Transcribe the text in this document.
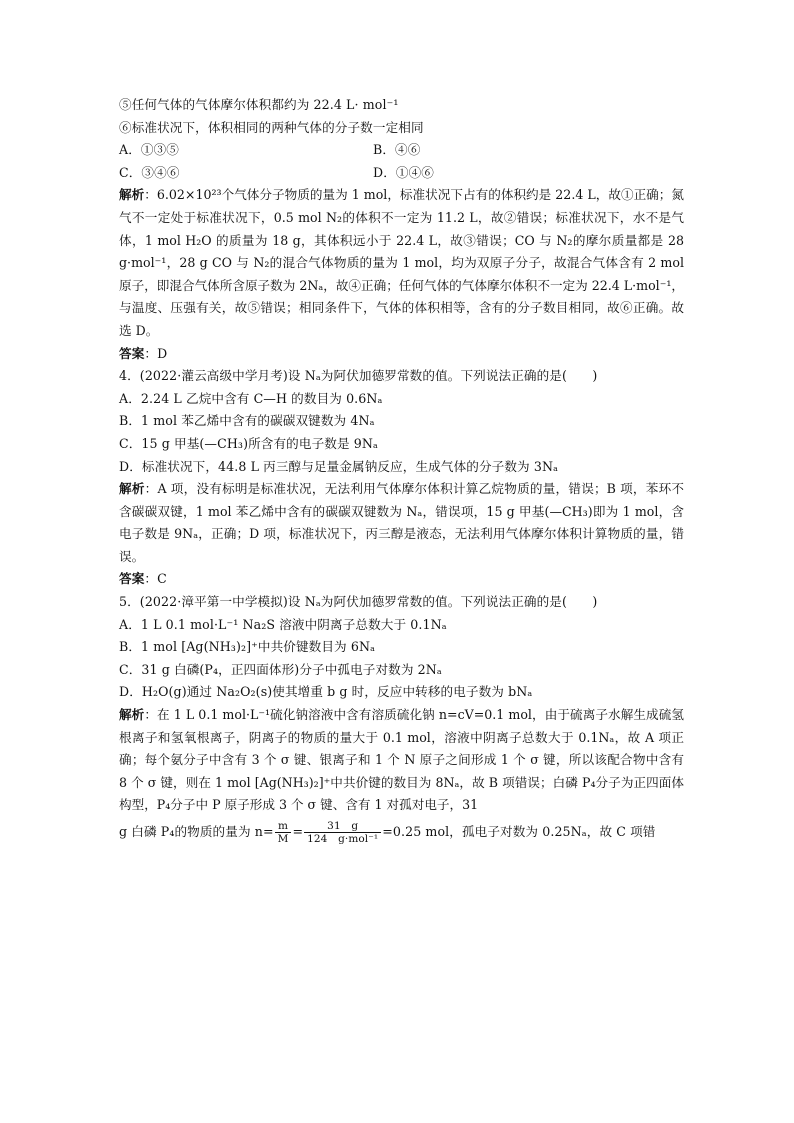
⑤任何气体的气体摩尔体积都约为 22.4 L· mol⁻¹
⑥标准状况下，体积相同的两种气体的分子数一定相同
A．①③⑤	B．④⑥
C．③④⑥	D．①④⑥
解析：6.02×10²³个气体分子物质的量为 1 mol，标准状况下占有的体积约是 22.4 L，故①正确；氮气不一定处于标准状况下，0.5 mol N₂的体积不一定为 11.2 L，故②错误；标准状况下，水不是气体，1 mol H₂O 的质量为 18 g，其体积远小于 22.4 L，故③错误；CO 与 N₂的摩尔质量都是 28 g·mol⁻¹，28 g CO 与 N₂的混合气体物质的量为 1 mol，均为双原子分子，故混合气体含有 2 mol 原子，即混合气体所含原子数为 2Nₐ，故④正确；任何气体的气体摩尔体积不一定为 22.4 L·mol⁻¹，与温度、压强有关，故⑤错误；相同条件下，气体的体积相等，含有的分子数目相同，故⑥正确。故选 D。
答案：D
4．(2022·灌云高级中学月考)设 Nₐ为阿伏加德罗常数的值。下列说法正确的是(　　)
A．2.24 L 乙烷中含有 C—H 的数目为 0.6Nₐ
B．1 mol 苯乙烯中含有的碳碳双键数为 4Nₐ
C．15 g 甲基(—CH₃)所含有的电子数是 9Nₐ
D．标准状况下，44.8 L 丙三醇与足量金属钠反应，生成气体的分子数为 3Nₐ
解析：A 项，没有标明是标准状况，无法利用气体摩尔体积计算乙烷物质的量，错误；B 项，苯环不含碳碳双键，1 mol 苯乙烯中含有的碳碳双键数为 Nₐ，错误项，15 g 甲基(—CH₃)即为 1 mol，含电子数是 9Nₐ，正确；D 项，标准状况下，丙三醇是液态，无法利用气体摩尔体积计算物质的量，错误。
答案：C
5．(2022·漳平第一中学模拟)设 Nₐ为阿伏加德罗常数的值。下列说法正确的是(　　)
A．1 L 0.1 mol·L⁻¹ Na₂S 溶液中阴离子总数大于 0.1Nₐ
B．1 mol [Ag(NH₃)₂]⁺中共价键数目为 6Nₐ
C．31 g 白磷(P₄，正四面体形)分子中孤电子对数为 2Nₐ
D．H₂O(g)通过 Na₂O₂(s)使其增重 b g 时，反应中转移的电子数为 bNₐ
解析：在 1 L 0.1 mol·L⁻¹硫化钠溶液中含有溶质硫化钠 n=cV=0.1 mol，由于硫离子水解生成硫氢根离子和氢氧根离子，阴离子的物质的量大于 0.1 mol，溶液中阴离子总数大于 0.1Nₐ，故 A 项正确；每个氨分子中含有 3 个 σ 键、银离子和 1 个 N 原子之间形成 1 个 σ 键，所以该配合物中含有 8 个 σ 键，则在 1 mol [Ag(NH₃)₂]⁺中共价键的数目为 8Nₐ，故 B 项错误；白磷 P₄分子为正四面体构型，P₄分子中 P 原子形成 3 个 σ 键、含有 1 对孤对电子，31
g 白磷 P₄的物质的量为 $n= \frac{m}{M} = \frac{31 g}{\text{124　g·mol⁻¹}} =0.25$ mol，孤电子对数为 0.25Nₐ，故 C 项错
